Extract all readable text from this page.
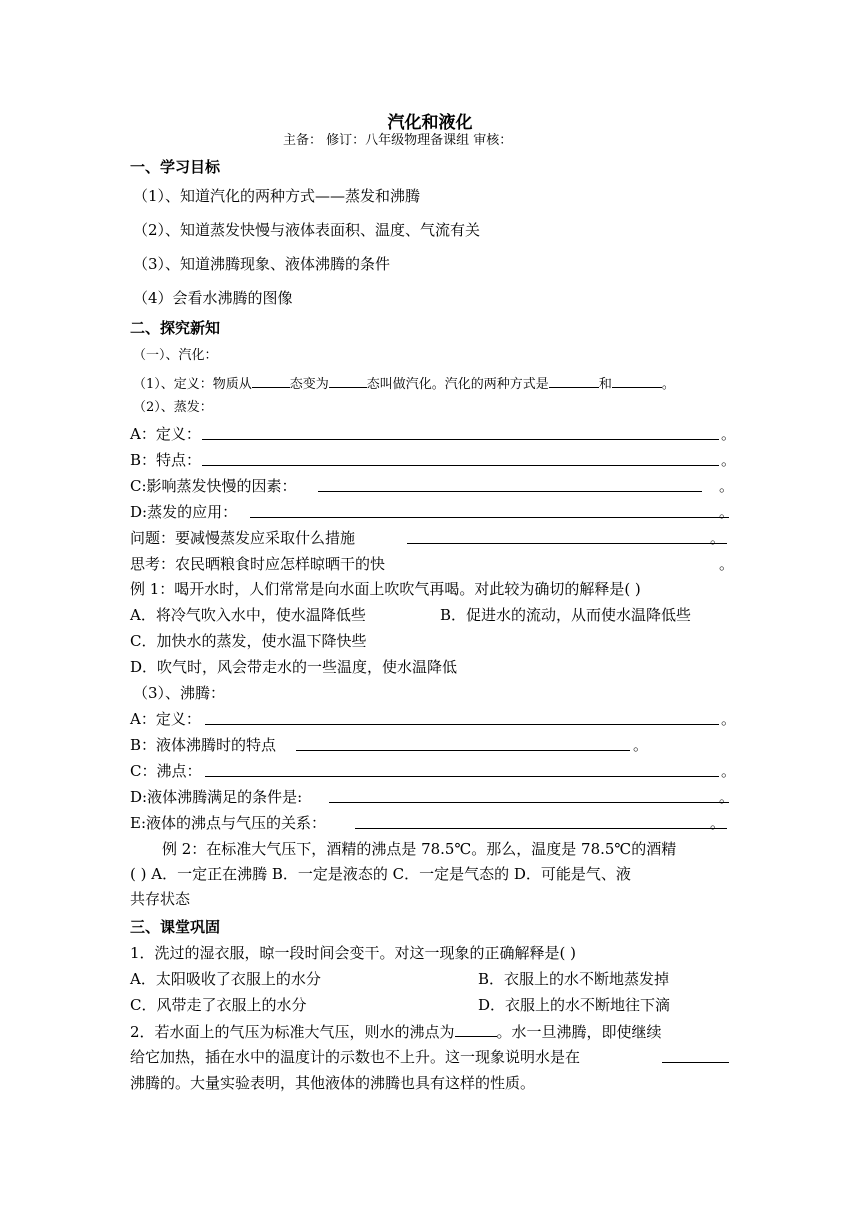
汽化和液化
主备： 修订：八年级物理备课组 审核：
一、学习目标
（1）、知道汽化的两种方式——蒸发和沸腾
（2）、知道蒸发快慢与液体表面积、温度、气流有关
（3）、知道沸腾现象、液体沸腾的条件
（4）会看水沸腾的图像
二、探究新知
（一）、汽化：
（1）、定义：物质从	态变为	态叫做汽化。汽化的两种方式是	和	。
（2）、蒸发：
A：定义：	。
B：特点：	。
C:影响蒸发快慢的因素：	。
D:蒸发的应用：	。
问题：要减慢蒸发应采取什么措施	。
思考：农民晒粮食时应怎样晾晒干的快	。
例 1：喝开水时，人们常常是向水面上吹吹气再喝。对此较为确切的解释是( )
A．将冷气吹入水中，使水温降低些	B．促进水的流动，从而使水温降低些
C．加快水的蒸发，使水温下降快些
D．吹气时，风会带走水的一些温度，使水温降低
（3）、沸腾：
A：定义：	。
B：液体沸腾时的特点	。
C：沸点：	。
D:液体沸腾满足的条件是:	。
E:液体的沸点与气压的关系：	。
例 2：在标准大气压下，酒精的沸点是 78.5℃。那么，温度是 78.5℃的酒精
( ) A．一定正在沸腾 B．一定是液态的 C．一定是气态的 D．可能是气、液
共存状态
三、课堂巩固
1．洗过的湿衣服，晾一段时间会变干。对这一现象的正确解释是( )
A．太阳吸收了衣服上的水分	B．衣服上的水不断地蒸发掉
C．风带走了衣服上的水分	D．衣服上的水不断地往下滴
2．若水面上的气压为标准大气压，则水的沸点为	。水一旦沸腾，即使继续
给它加热，插在水中的温度计的示数也不上升。这一现象说明水是在
沸腾的。大量实验表明，其他液体的沸腾也具有这样的性质。
